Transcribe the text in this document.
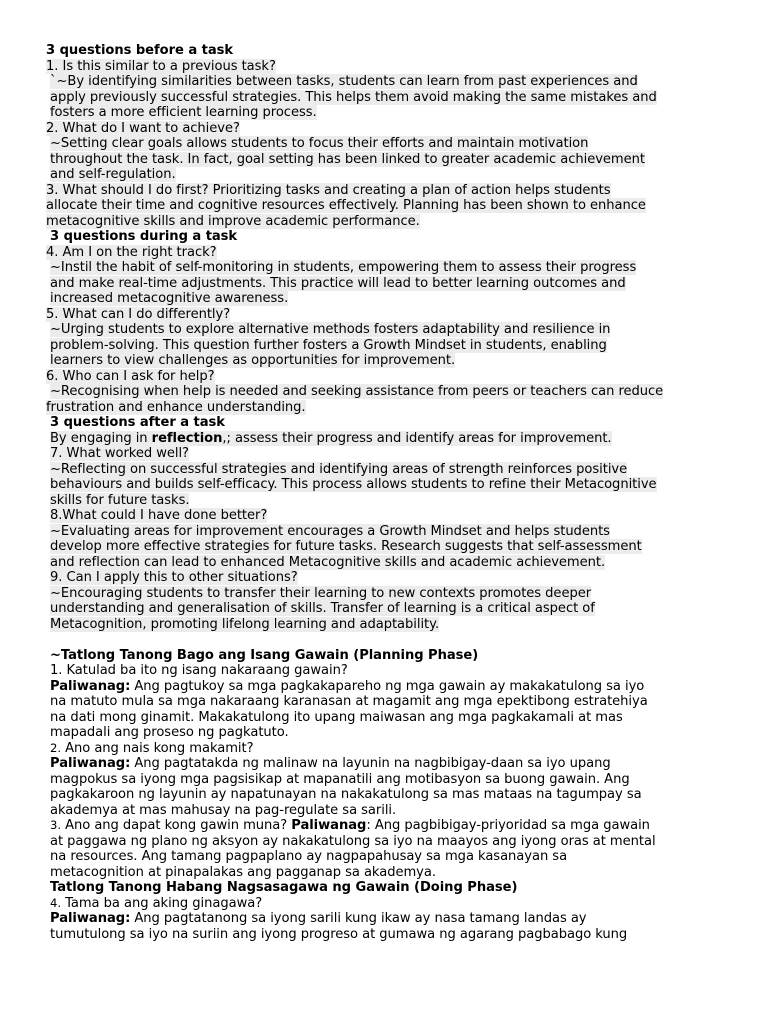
3 questions before a task
1. Is this similar to a previous task?
`~By identifying similarities between tasks, students can learn from past experiences and
apply previously successful strategies. This helps them avoid making the same mistakes and
fosters a more efficient learning process.
2. What do I want to achieve?
~Setting clear goals allows students to focus their efforts and maintain motivation
throughout the task. In fact, goal setting has been linked to greater academic achievement
and self-regulation.
3. What should I do first? Prioritizing tasks and creating a plan of action helps students
allocate their time and cognitive resources effectively. Planning has been shown to enhance
metacognitive skills and improve academic performance.
3 questions during a task
4. Am I on the right track?
~Instil the habit of self-monitoring in students, empowering them to assess their progress
and make real-time adjustments. This practice will lead to better learning outcomes and
increased metacognitive awareness.
5. What can I do differently?
~Urging students to explore alternative methods fosters adaptability and resilience in
problem-solving. This question further fosters a Growth Mindset in students, enabling
learners to view challenges as opportunities for improvement.
6. Who can I ask for help?
~Recognising when help is needed and seeking assistance from peers or teachers can reduce
frustration and enhance understanding.
3 questions after a task
By engaging in reflection,; assess their progress and identify areas for improvement.
7. What worked well?
~Reflecting on successful strategies and identifying areas of strength reinforces positive
behaviours and builds self-efficacy. This process allows students to refine their Metacognitive
skills for future tasks.
8.What could I have done better?
~Evaluating areas for improvement encourages a Growth Mindset and helps students
develop more effective strategies for future tasks. Research suggests that self-assessment
and reflection can lead to enhanced Metacognitive skills and academic achievement.
9. Can I apply this to other situations?
~Encouraging students to transfer their learning to new contexts promotes deeper
understanding and generalisation of skills. Transfer of learning is a critical aspect of
Metacognition, promoting lifelong learning and adaptability.
~Tatlong Tanong Bago ang Isang Gawain (Planning Phase)
1. Katulad ba ito ng isang nakaraang gawain?
Paliwanag: Ang pagtukoy sa mga pagkakapareho ng mga gawain ay makakatulong sa iyo
na matuto mula sa mga nakaraang karanasan at magamit ang mga epektibong estratehiya
na dati mong ginamit. Makakatulong ito upang maiwasan ang mga pagkakamali at mas
mapadali ang proseso ng pagkatuto.
2. Ano ang nais kong makamit?
Paliwanag: Ang pagtatakda ng malinaw na layunin na nagbibigay-daan sa iyo upang
magpokus sa iyong mga pagsisikap at mapanatili ang motibasyon sa buong gawain. Ang
pagkakaroon ng layunin ay napatunayan na nakakatulong sa mas mataas na tagumpay sa
akademya at mas mahusay na pag-regulate sa sarili.
3. Ano ang dapat kong gawin muna? Paliwanag: Ang pagbibigay-priyoridad sa mga gawain
at paggawa ng plano ng aksyon ay nakakatulong sa iyo na maayos ang iyong oras at mental
na resources. Ang tamang pagpaplano ay nagpapahusay sa mga kasanayan sa
metacognition at pinapalakas ang pagganap sa akademya.
Tatlong Tanong Habang Nagsasagawa ng Gawain (Doing Phase)
4. Tama ba ang aking ginagawa?
Paliwanag: Ang pagtatanong sa iyong sarili kung ikaw ay nasa tamang landas ay
tumutulong sa iyo na suriin ang iyong progreso at gumawa ng agarang pagbabago kung
